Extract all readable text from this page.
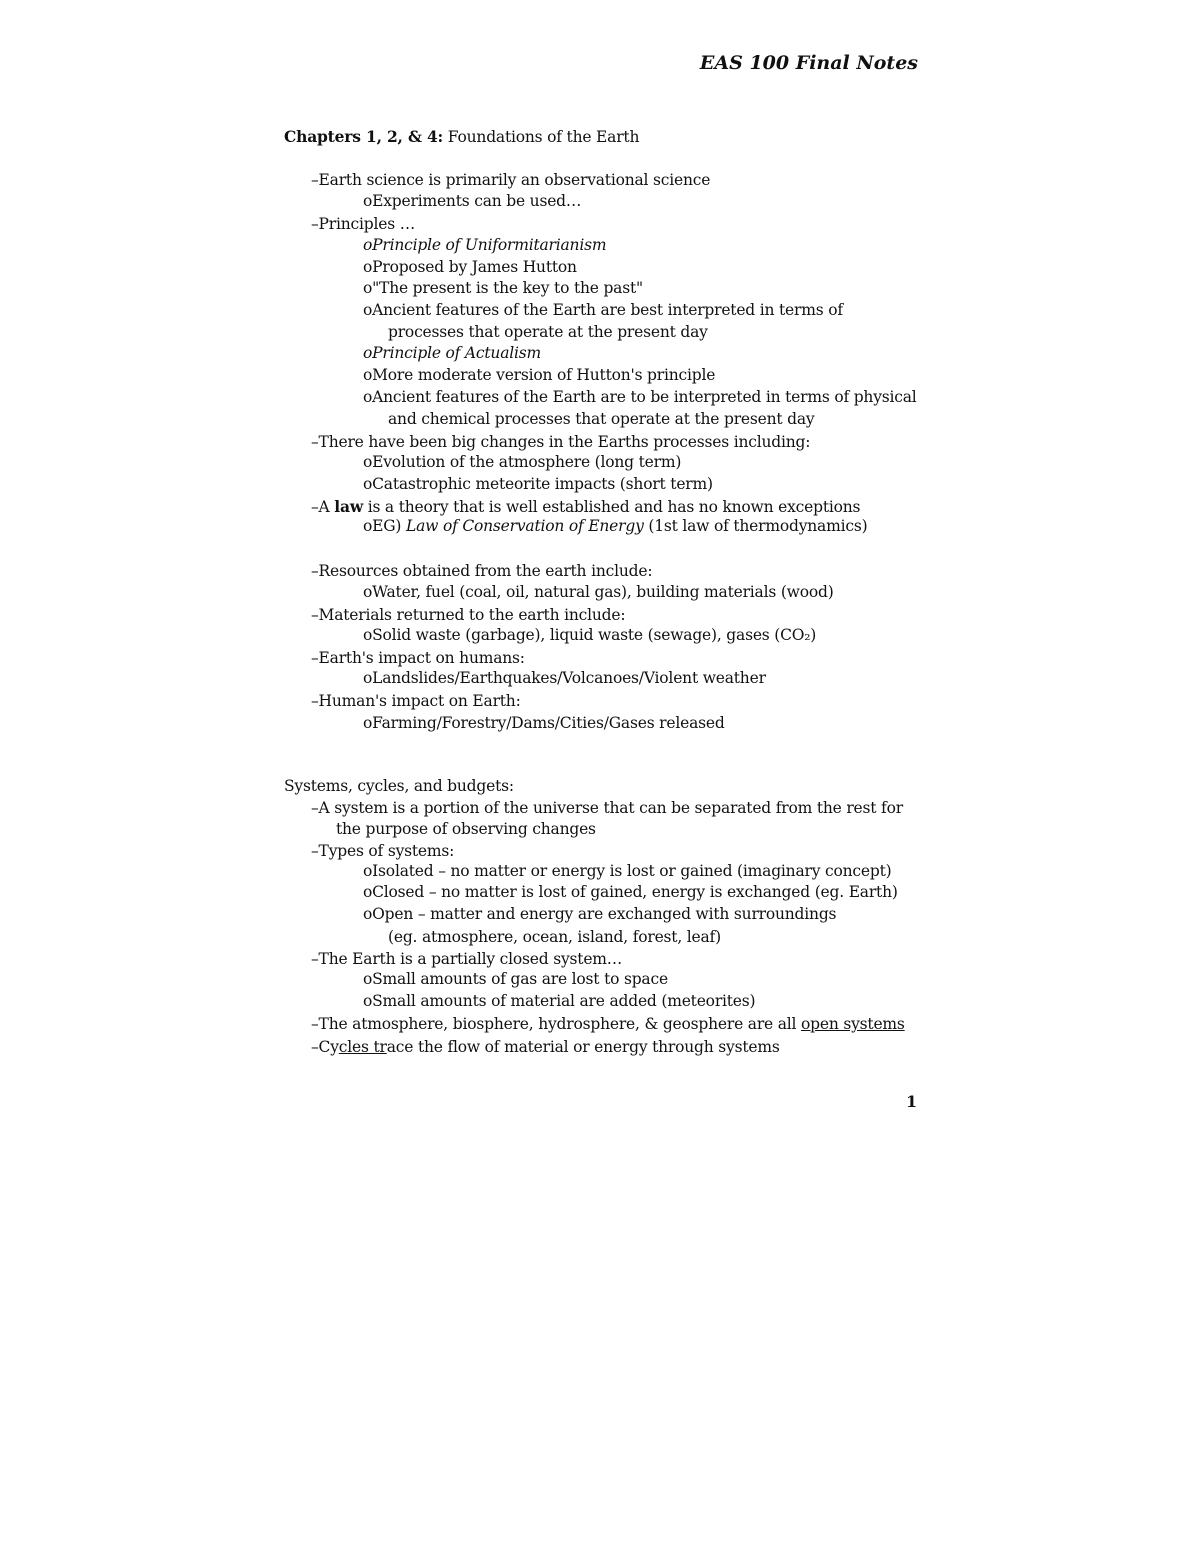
EAS 100 Final Notes
Chapters 1, 2, & 4: Foundations of the Earth
–Earth science is primarily an observational science
oExperiments can be used…
–Principles …
oPrinciple of Uniformitarianism
oProposed by James Hutton
o"The present is the key to the past"
oAncient features of the Earth are best interpreted in terms of
processes that operate at the present day
oPrinciple of Actualism
oMore moderate version of Hutton's principle
oAncient features of the Earth are to be interpreted in terms of physical
and chemical processes that operate at the present day
–There have been big changes in the Earths processes including:
oEvolution of the atmosphere (long term)
oCatastrophic meteorite impacts (short term)
–A law is a theory that is well established and has no known exceptions
oEG) Law of Conservation of Energy (1st law of thermodynamics)
–Resources obtained from the earth include:
oWater, fuel (coal, oil, natural gas), building materials (wood)
–Materials returned to the earth include:
oSolid waste (garbage), liquid waste (sewage), gases (CO₂)
–Earth's impact on humans:
oLandslides/Earthquakes/Volcanoes/Violent weather
–Human's impact on Earth:
oFarming/Forestry/Dams/Cities/Gases released
Systems, cycles, and budgets:
–A system is a portion of the universe that can be separated from the rest for
the purpose of observing changes
–Types of systems:
oIsolated – no matter or energy is lost or gained (imaginary concept)
oClosed – no matter is lost of gained, energy is exchanged (eg. Earth)
oOpen – matter and energy are exchanged with surroundings
(eg. atmosphere, ocean, island, forest, leaf)
–The Earth is a partially closed system…
oSmall amounts of gas are lost to space
oSmall amounts of material are added (meteorites)
–The atmosphere, biosphere, hydrosphere, & geosphere are all open systems
–Cycles trace the flow of material or energy through systems
1
